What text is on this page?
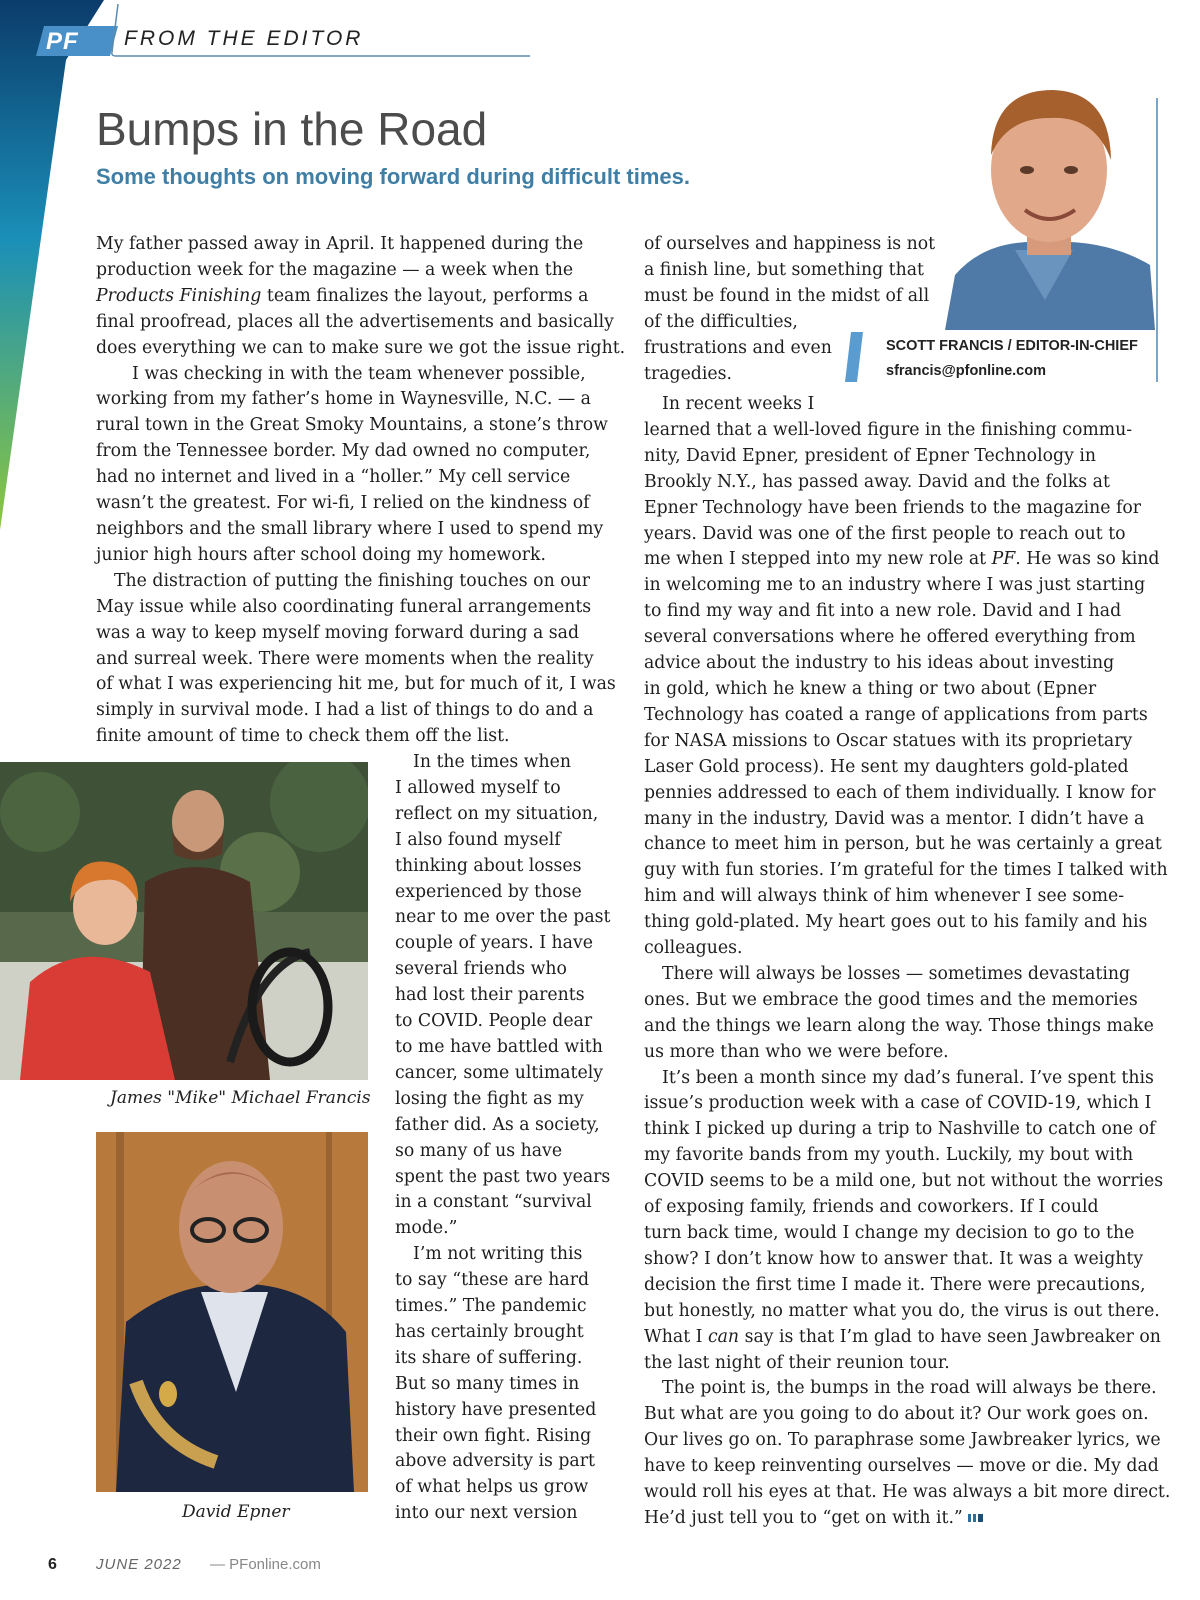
PF FROM THE EDITOR
Bumps in the Road

Some thoughts on moving forward during difficult times.

SCOTT FRANCIS / EDITOR-IN-CHIEF
sfrancis@pfonline.com
My father passed away in April. It happened during the
production week for the magazine — a week when the
Products Finishing team finalizes the layout, performs a
final proofread, places all the advertisements and basically
does everything we can to make sure we got the issue right.
I was checking in with the team whenever possible,
working from my father’s home in Waynesville, N.C. — a
rural town in the Great Smoky Mountains, a stone’s throw
from the Tennessee border. My dad owned no computer,
had no internet and lived in a “holler.” My cell service
wasn’t the greatest. For wi-fi, I relied on the kindness of
neighbors and the small library where I used to spend my
junior high hours after school doing my homework.
The distraction of putting the finishing touches on our
May issue while also coordinating funeral arrangements
was a way to keep myself moving forward during a sad
and surreal week. There were moments when the reality
of what I was experiencing hit me, but for much of it, I was
simply in survival mode. I had a list of things to do and a
finite amount of time to check them off the list.
James "Mike" Michael Francis
David Epner
In the times when
I allowed myself to
reflect on my situation,
I also found myself
thinking about losses
experienced by those
near to me over the past
couple of years. I have
several friends who
had lost their parents
to COVID. People dear
to me have battled with
cancer, some ultimately
losing the fight as my
father did. As a society,
so many of us have
spent the past two years
in a constant “survival
mode.”
I’m not writing this
to say “these are hard
times.” The pandemic
has certainly brought
its share of suffering.
But so many times in
history have presented
their own fight. Rising
above adversity is part
of what helps us grow
into our next version
of ourselves and happiness is not
a finish line, but something that
must be found in the midst of all
of the difficulties,
frustrations and even
tragedies.
In recent weeks I
learned that a well-loved figure in the finishing commu-
nity, David Epner, president of Epner Technology in
Brookly N.Y., has passed away. David and the folks at
Epner Technology have been friends to the magazine for
years. David was one of the first people to reach out to
me when I stepped into my new role at PF. He was so kind
in welcoming me to an industry where I was just starting
to find my way and fit into a new role. David and I had
several conversations where he offered everything from
advice about the industry to his ideas about investing
in gold, which he knew a thing or two about (Epner
Technology has coated a range of applications from parts
for NASA missions to Oscar statues with its proprietary
Laser Gold process). He sent my daughters gold-plated
pennies addressed to each of them individually. I know for
many in the industry, David was a mentor. I didn’t have a
chance to meet him in person, but he was certainly a great
guy with fun stories. I’m grateful for the times I talked with
him and will always think of him whenever I see some-
thing gold-plated. My heart goes out to his family and his
colleagues.
There will always be losses — sometimes devastating
ones. But we embrace the good times and the memories
and the things we learn along the way. Those things make
us more than who we were before.
It’s been a month since my dad’s funeral. I’ve spent this
issue’s production week with a case of COVID-19, which I
think I picked up during a trip to Nashville to catch one of
my favorite bands from my youth. Luckily, my bout with
COVID seems to be a mild one, but not without the worries
of exposing family, friends and coworkers. If I could
turn back time, would I change my decision to go to the
show? I don’t know how to answer that. It was a weighty
decision the first time I made it. There were precautions,
but honestly, no matter what you do, the virus is out there.
What I can say is that I’m glad to have seen Jawbreaker on
the last night of their reunion tour.
The point is, the bumps in the road will always be there.
But what are you going to do about it? Our work goes on.
Our lives go on. To paraphrase some Jawbreaker lyrics, we
have to keep reinventing ourselves — move or die. My dad
would roll his eyes at that. He was always a bit more direct.
He’d just tell you to “get on with it.”
6	JUNE 2022 — PFonline.com
